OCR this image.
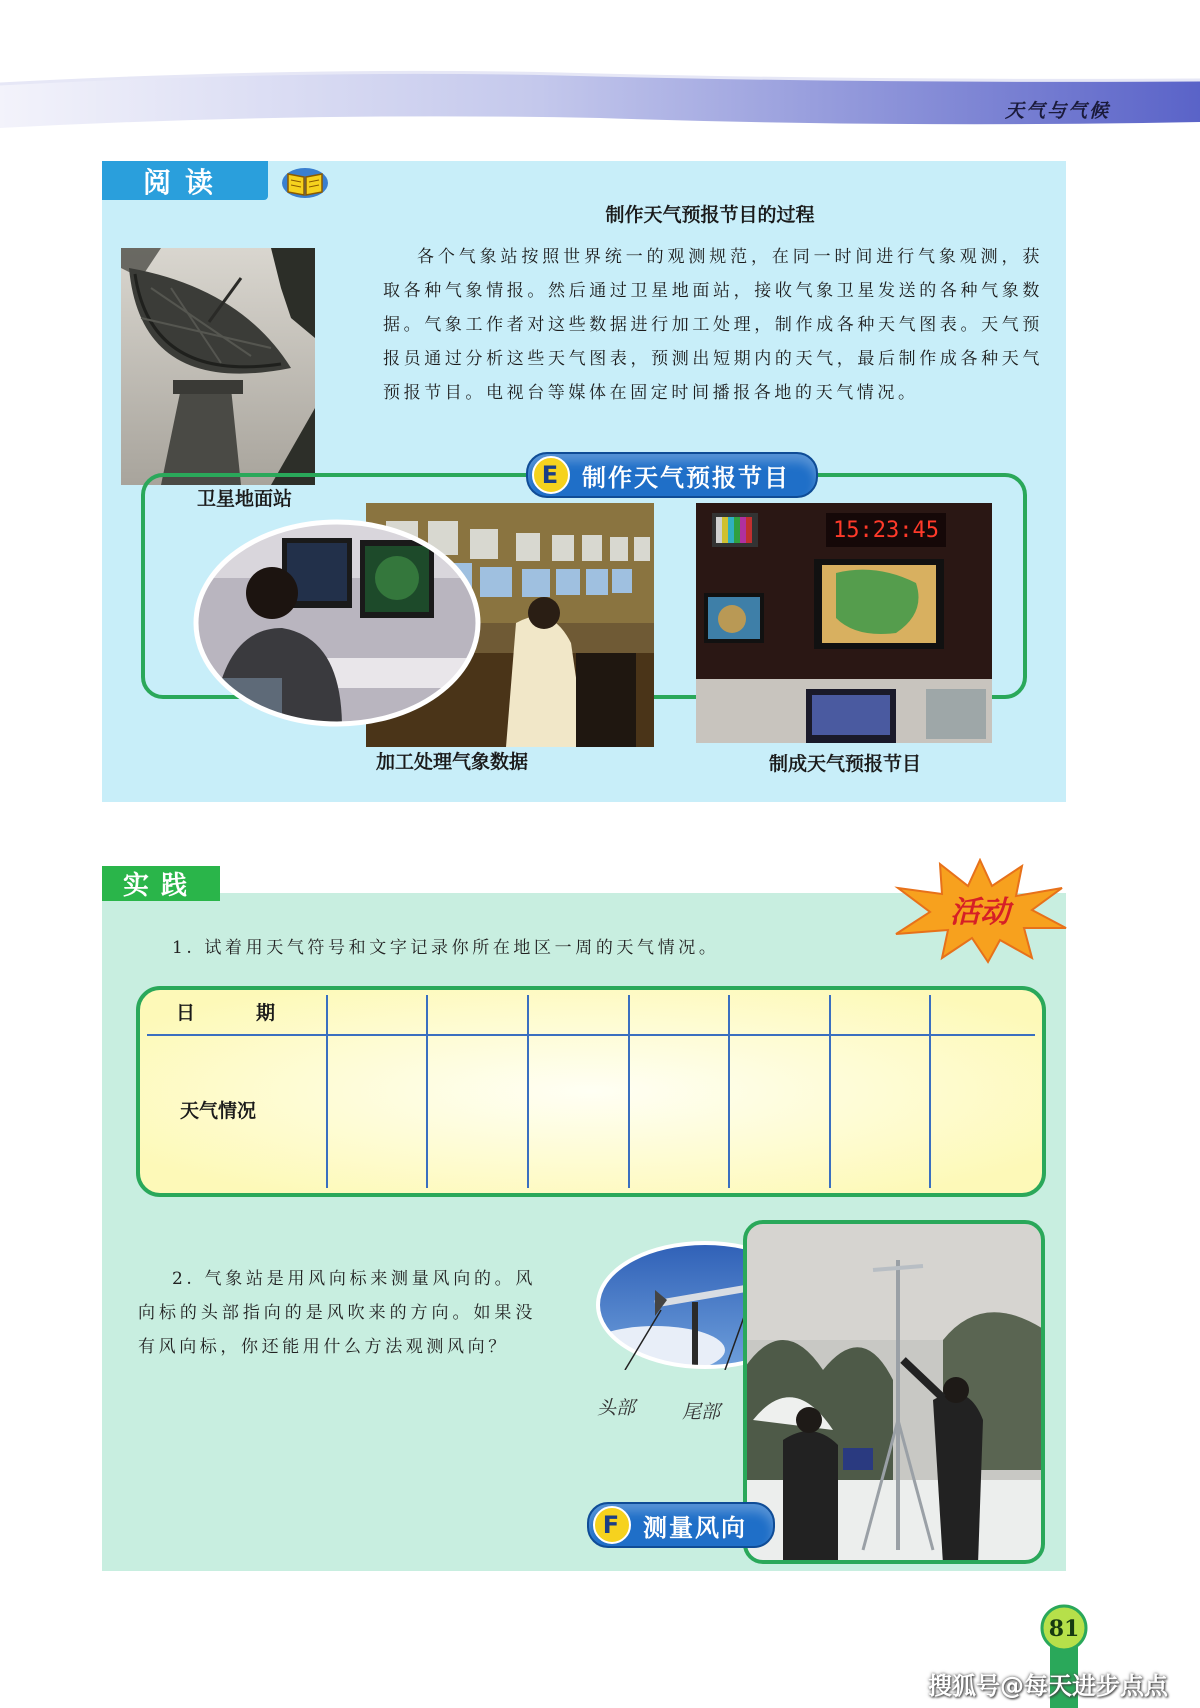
天气与气候
阅读
制作天气预报节目的过程
各个气象站按照世界统一的观测规范，在同一时间进行气象观测，获取各种气象情报。然后通过卫星地面站，接收气象卫星发送的各种气象数据。气象工作者对这些数据进行加工处理，制作成各种天气图表。天气预报员通过分析这些天气图表，预测出短期内的天气，最后制作成各种天气预报节目。电视台等媒体在固定时间播报各地的天气情况。
卫星地面站
E 制作天气预报节目
加工处理气象数据
15:23:45
制成天气预报节目
实践
活动
1. 试着用天气符号和文字记录你所在地区一周的天气情况。
日	期
天气情况
2. 气象站是用风向标来测量风向的。风向标的头部指向的是风吹来的方向。如果没有风向标，你还能用什么方法观测风向？
头部 尾部
F 测量风向
81
搜狐号@每天进步点点
